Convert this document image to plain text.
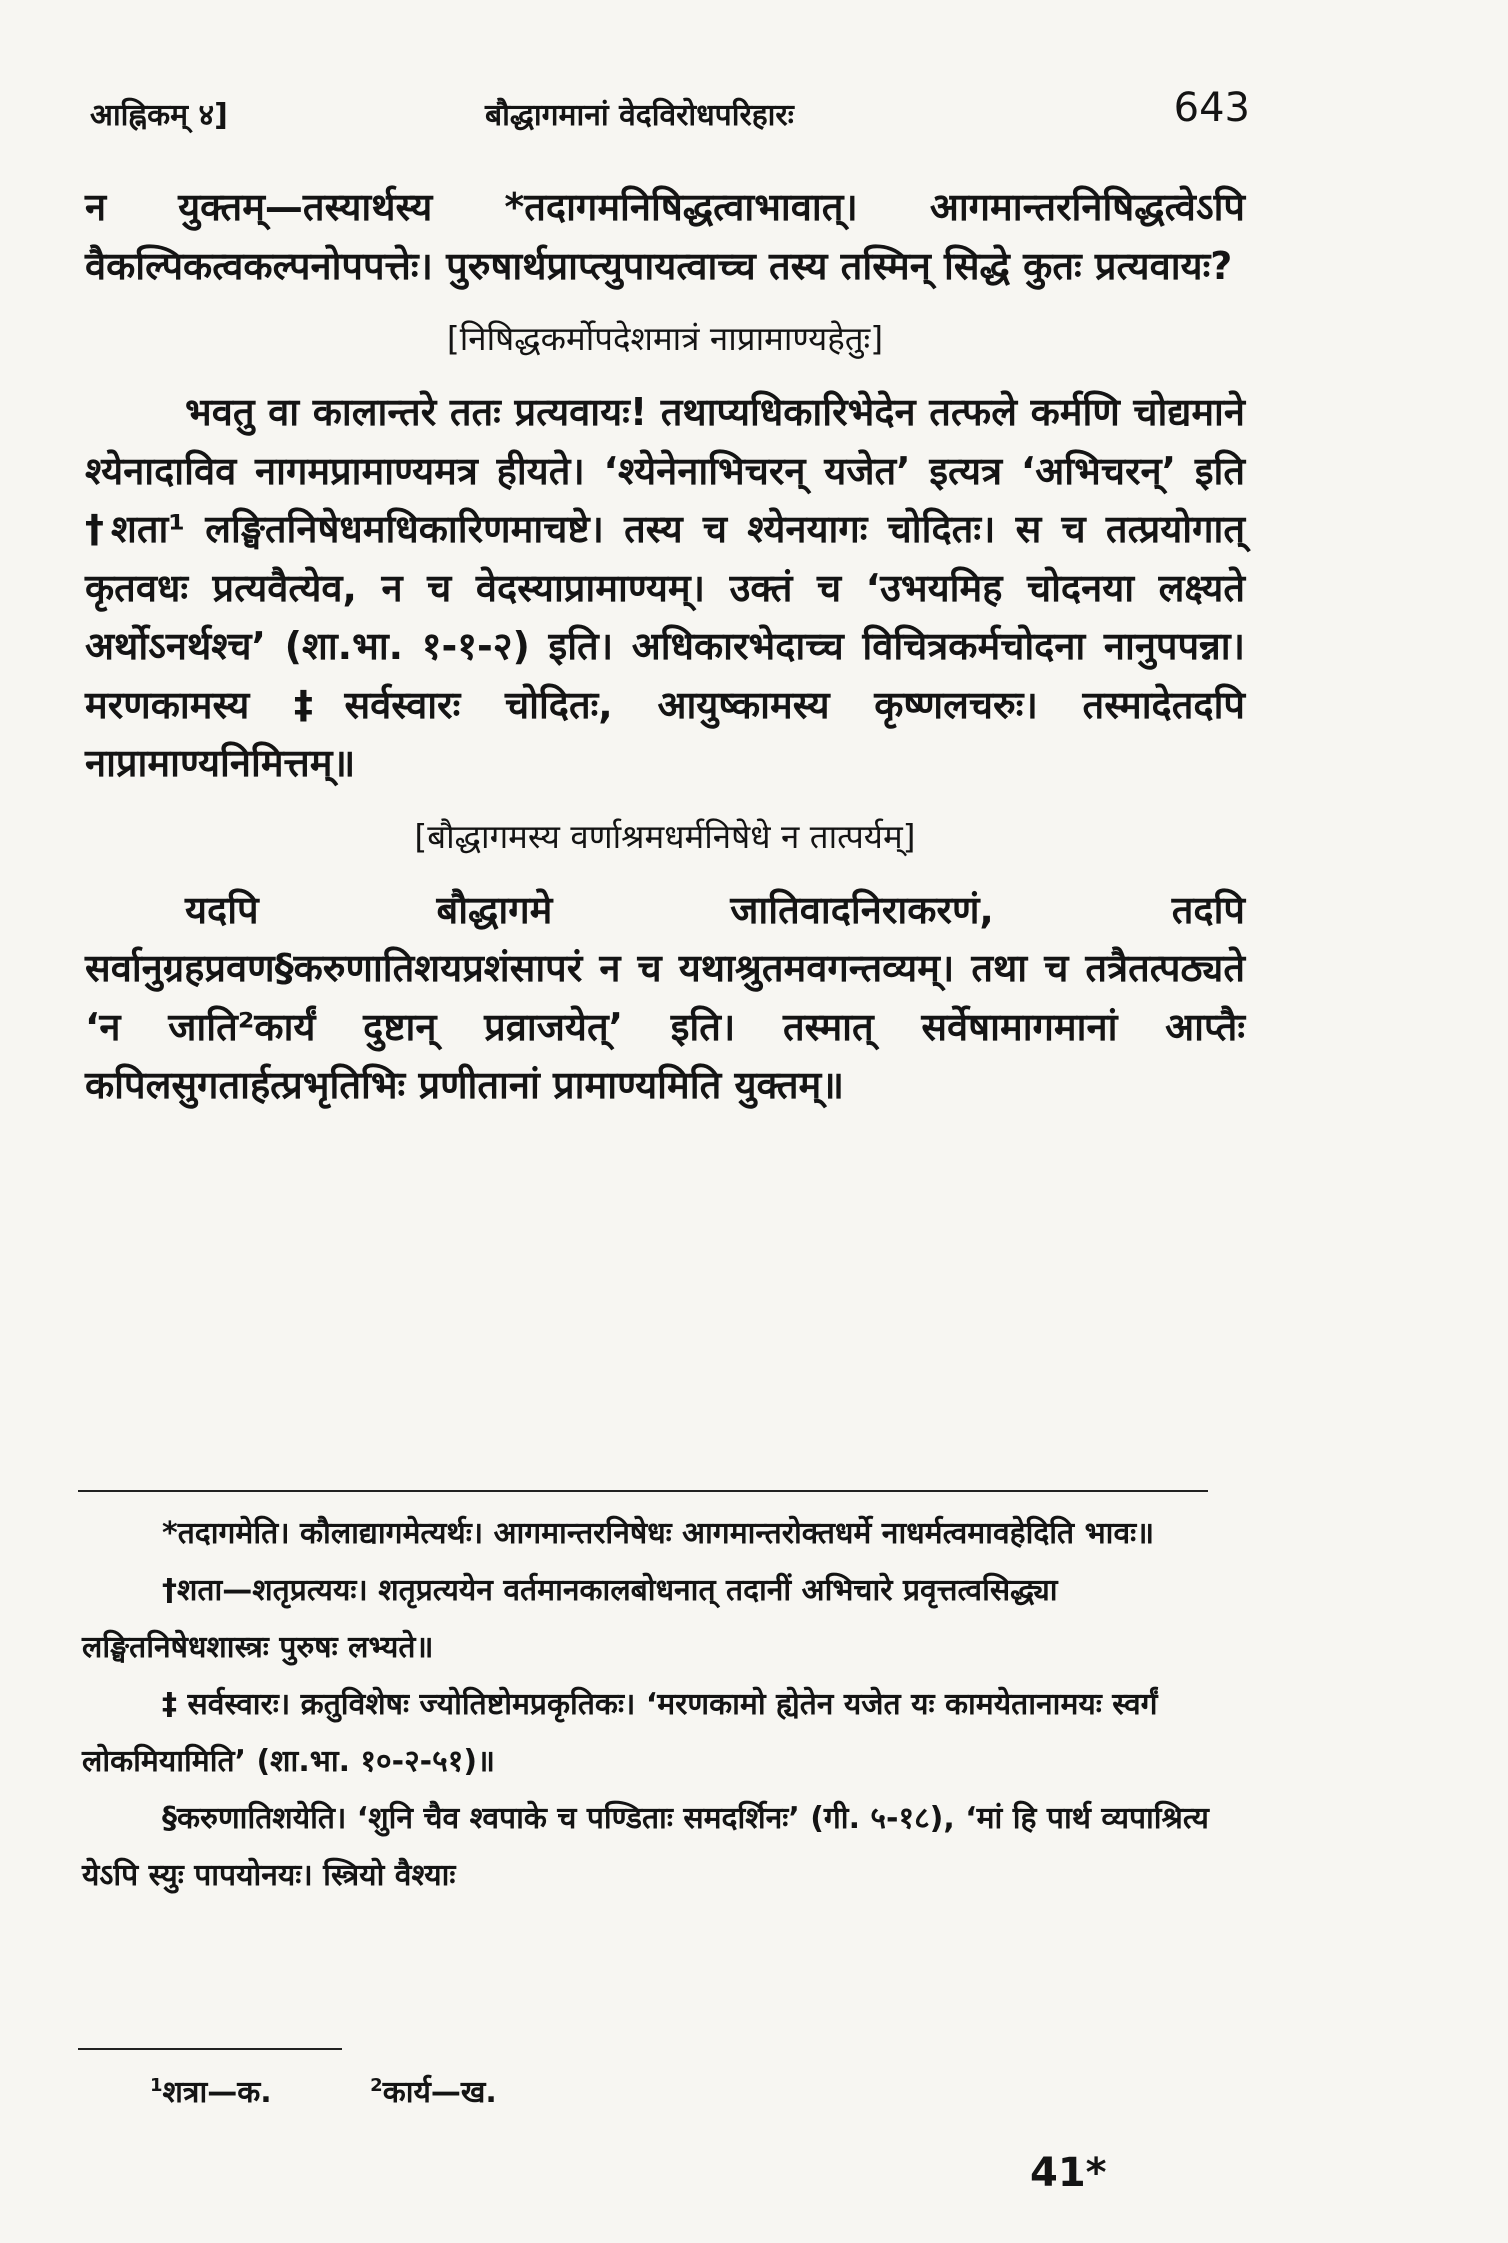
आह्निकम् ४]	बौद्धागमानां वेदविरोधपरिहारः	643

न युक्तम्—तस्यार्थस्य *तदागमनिषिद्धत्वाभावात्। आगमान्तरनिषिद्धत्वेऽपि वैकल्पिकत्वकल्पनोपपत्तेः। पुरुषार्थप्राप्त्युपायत्वाच्च तस्य तस्मिन् सिद्धे कुतः प्रत्यवायः?

[निषिद्धकर्मोपदेशमात्रं नाप्रामाण्यहेतुः]

भवतु वा कालान्तरे ततः प्रत्यवायः! तथाप्यधिकारिभेदेन तत्फले कर्मणि चोद्यमाने श्येनादाविव नागमप्रामाण्यमत्र हीयते। ‘श्येनेनाभिचरन् यजेत’ इत्यत्र ‘अभिचरन्’ इति †शता¹ लङ्घितनिषेधमधिकारिणमाचष्टे। तस्य च श्येनयागः चोदितः। स च तत्प्रयोगात् कृतवधः प्रत्यवैत्येव, न च वेदस्याप्रामाण्यम्। उक्तं च ‘उभयमिह चोदनया लक्ष्यते अर्थोऽनर्थश्च’ (शा.भा. १-१-२) इति। अधिकारभेदाच्च विचित्रकर्मचोदना नानुपपन्ना। मरणकामस्य ‡सर्वस्वारः चोदितः, आयुष्कामस्य कृष्णलचरुः। तस्मादेतदपि नाप्रामाण्यनिमित्तम्॥

[बौद्धागमस्य वर्णाश्रमधर्मनिषेधे न तात्पर्यम्]

यदपि बौद्धागमे जातिवादनिराकरणं, तदपि सर्वानुग्रहप्रवण§करुणातिशयप्रशंसापरं न च यथाश्रुतमवगन्तव्यम्। तथा च तत्रैतत्पठ्यते ‘न जाति²कार्यं दुष्टान् प्रव्राजयेत्’ इति। तस्मात् सर्वेषामागमानां आप्तैः कपिलसुगतार्हत्प्रभृतिभिः प्रणीतानां प्रामाण्यमिति युक्तम्॥

*तदागमेति। कौलाद्यागमेत्यर्थः। आगमान्तरनिषेधः आगमान्तरोक्तधर्मे नाधर्मत्वमावहेदिति भावः॥

†शता—शतृप्रत्ययः। शतृप्रत्ययेन वर्तमानकालबोधनात् तदानीं अभिचारे प्रवृत्तत्वसिद्ध्या लङ्घितनिषेधशास्त्रः पुरुषः लभ्यते॥

‡ सर्वस्वारः। क्रतुविशेषः ज्योतिष्टोमप्रकृतिकः। ‘मरणकामो ह्येतेन यजेत यः कामयेतानामयः स्वर्गं लोकमियामिति’ (शा.भा. १०-२-५१)॥

§करुणातिशयेति। ‘शुनि चैव श्वपाके च पण्डिताः समदर्शिनः’ (गी. ५-१८), ‘मां हि पार्थ व्यपाश्रित्य येऽपि स्युः पापयोनयः। स्त्रियो वैश्याः

$^1$शत्रा—क.	$^2$कार्य—ख.
41*
